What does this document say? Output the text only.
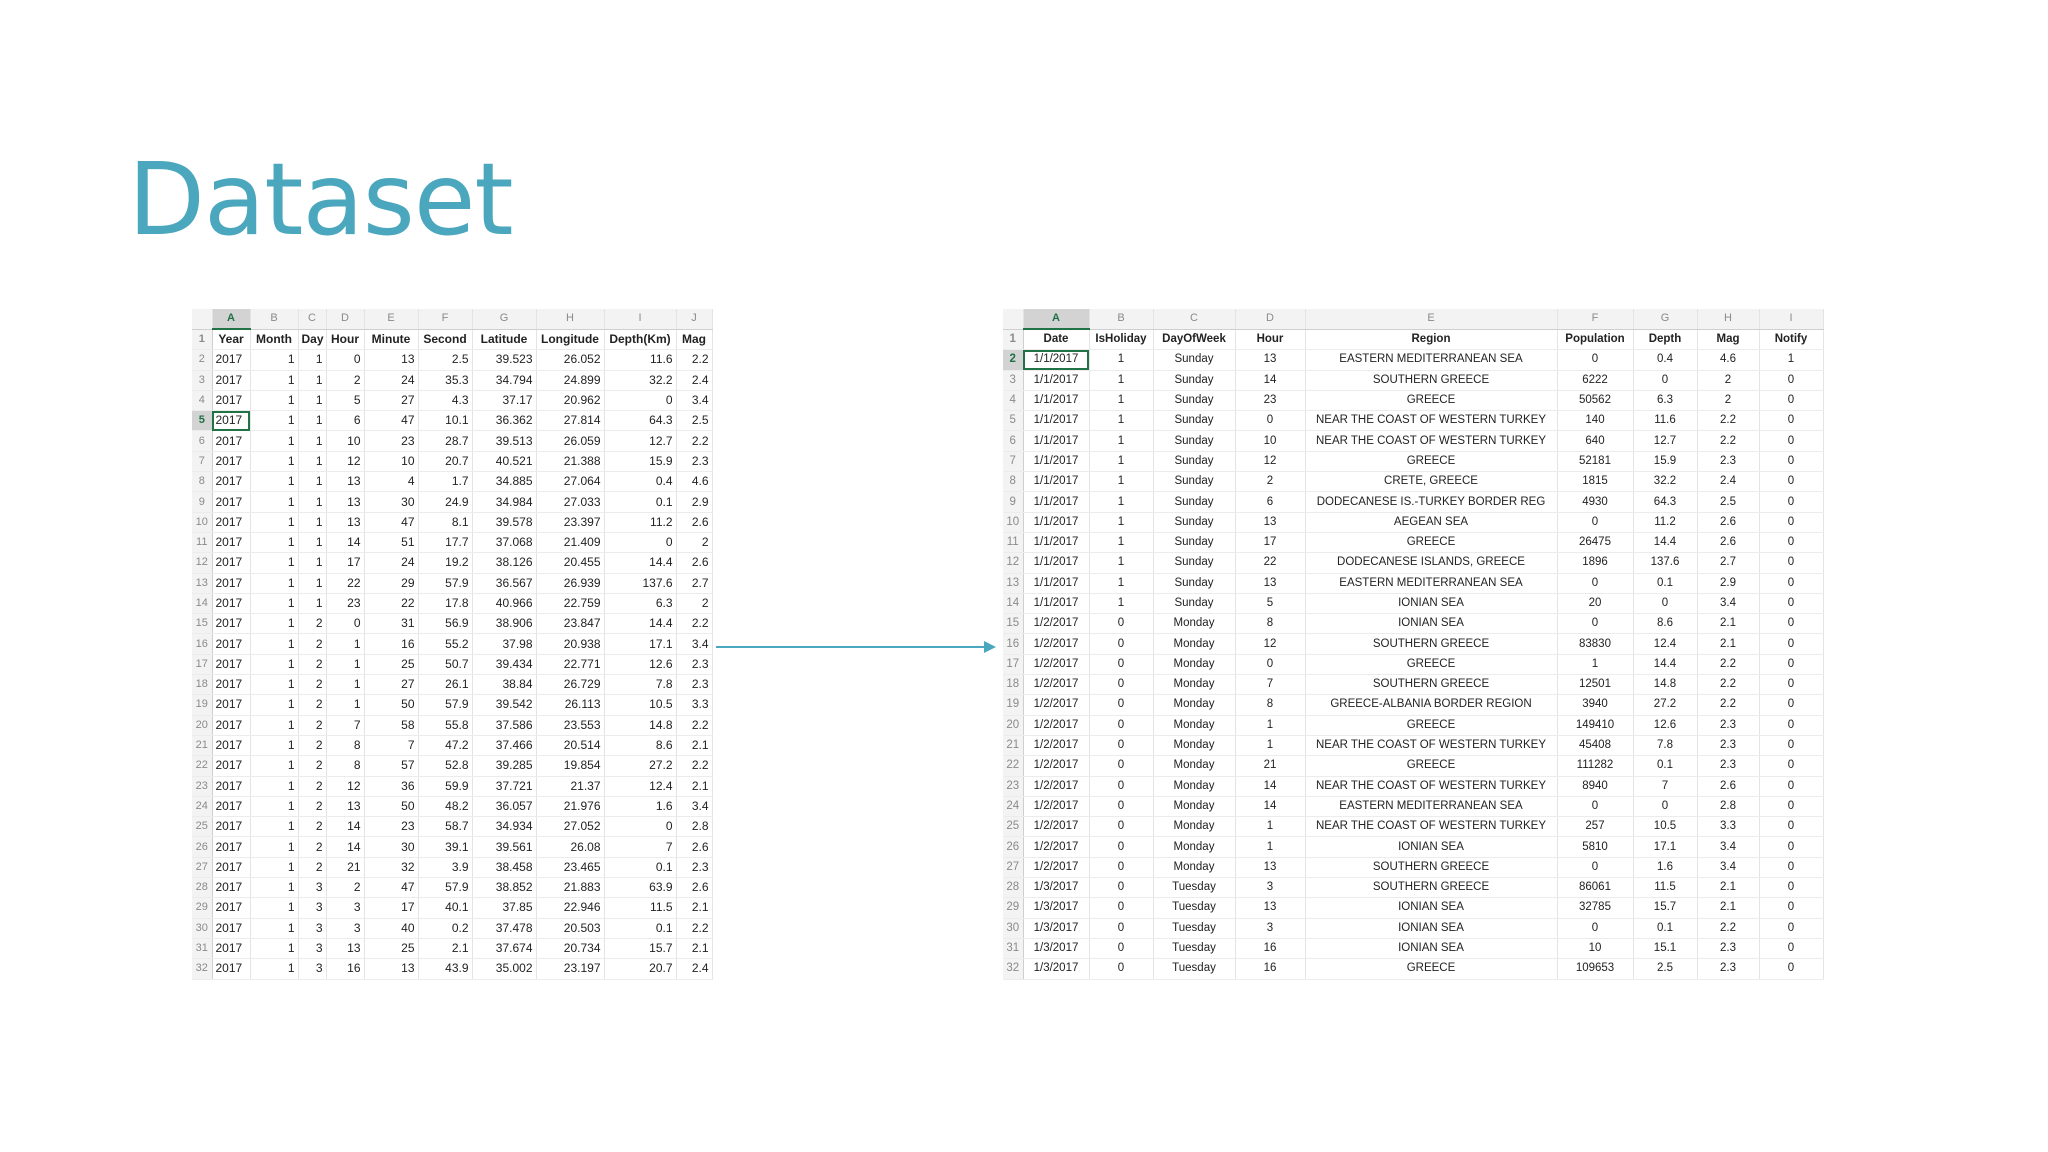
Dataset
	A	B	C	D	E	F	G	H	I	J
1	Year	Month	Day	Hour	Minute	Second	Latitude	Longitude	Depth(Km)	Mag
2	2017	1	1	0	13	2.5	39.523	26.052	11.6	2.2
3	2017	1	1	2	24	35.3	34.794	24.899	32.2	2.4
4	2017	1	1	5	27	4.3	37.17	20.962	0	3.4
5	2017	1	1	6	47	10.1	36.362	27.814	64.3	2.5
6	2017	1	1	10	23	28.7	39.513	26.059	12.7	2.2
7	2017	1	1	12	10	20.7	40.521	21.388	15.9	2.3
8	2017	1	1	13	4	1.7	34.885	27.064	0.4	4.6
9	2017	1	1	13	30	24.9	34.984	27.033	0.1	2.9
10	2017	1	1	13	47	8.1	39.578	23.397	11.2	2.6
11	2017	1	1	14	51	17.7	37.068	21.409	0	2
12	2017	1	1	17	24	19.2	38.126	20.455	14.4	2.6
13	2017	1	1	22	29	57.9	36.567	26.939	137.6	2.7
14	2017	1	1	23	22	17.8	40.966	22.759	6.3	2
15	2017	1	2	0	31	56.9	38.906	23.847	14.4	2.2
16	2017	1	2	1	16	55.2	37.98	20.938	17.1	3.4
17	2017	1	2	1	25	50.7	39.434	22.771	12.6	2.3
18	2017	1	2	1	27	26.1	38.84	26.729	7.8	2.3
19	2017	1	2	1	50	57.9	39.542	26.113	10.5	3.3
20	2017	1	2	7	58	55.8	37.586	23.553	14.8	2.2
21	2017	1	2	8	7	47.2	37.466	20.514	8.6	2.1
22	2017	1	2	8	57	52.8	39.285	19.854	27.2	2.2
23	2017	1	2	12	36	59.9	37.721	21.37	12.4	2.1
24	2017	1	2	13	50	48.2	36.057	21.976	1.6	3.4
25	2017	1	2	14	23	58.7	34.934	27.052	0	2.8
26	2017	1	2	14	30	39.1	39.561	26.08	7	2.6
27	2017	1	2	21	32	3.9	38.458	23.465	0.1	2.3
28	2017	1	3	2	47	57.9	38.852	21.883	63.9	2.6
29	2017	1	3	3	17	40.1	37.85	22.946	11.5	2.1
30	2017	1	3	3	40	0.2	37.478	20.503	0.1	2.2
31	2017	1	3	13	25	2.1	37.674	20.734	15.7	2.1
32	2017	1	3	16	13	43.9	35.002	23.197	20.7	2.4
	A	B	C	D	E	F	G	H	I
1	Date	IsHoliday	DayOfWeek	Hour	Region	Population	Depth	Mag	Notify
2	1/1/2017	1	Sunday	13	EASTERN MEDITERRANEAN SEA	0	0.4	4.6	1
3	1/1/2017	1	Sunday	14	SOUTHERN GREECE	6222	0	2	0
4	1/1/2017	1	Sunday	23	GREECE	50562	6.3	2	0
5	1/1/2017	1	Sunday	0	NEAR THE COAST OF WESTERN TURKEY	140	11.6	2.2	0
6	1/1/2017	1	Sunday	10	NEAR THE COAST OF WESTERN TURKEY	640	12.7	2.2	0
7	1/1/2017	1	Sunday	12	GREECE	52181	15.9	2.3	0
8	1/1/2017	1	Sunday	2	CRETE, GREECE	1815	32.2	2.4	0
9	1/1/2017	1	Sunday	6	DODECANESE IS.-TURKEY BORDER REG	4930	64.3	2.5	0
10	1/1/2017	1	Sunday	13	AEGEAN SEA	0	11.2	2.6	0
11	1/1/2017	1	Sunday	17	GREECE	26475	14.4	2.6	0
12	1/1/2017	1	Sunday	22	DODECANESE ISLANDS, GREECE	1896	137.6	2.7	0
13	1/1/2017	1	Sunday	13	EASTERN MEDITERRANEAN SEA	0	0.1	2.9	0
14	1/1/2017	1	Sunday	5	IONIAN SEA	20	0	3.4	0
15	1/2/2017	0	Monday	8	IONIAN SEA	0	8.6	2.1	0
16	1/2/2017	0	Monday	12	SOUTHERN GREECE	83830	12.4	2.1	0
17	1/2/2017	0	Monday	0	GREECE	1	14.4	2.2	0
18	1/2/2017	0	Monday	7	SOUTHERN GREECE	12501	14.8	2.2	0
19	1/2/2017	0	Monday	8	GREECE-ALBANIA BORDER REGION	3940	27.2	2.2	0
20	1/2/2017	0	Monday	1	GREECE	149410	12.6	2.3	0
21	1/2/2017	0	Monday	1	NEAR THE COAST OF WESTERN TURKEY	45408	7.8	2.3	0
22	1/2/2017	0	Monday	21	GREECE	111282	0.1	2.3	0
23	1/2/2017	0	Monday	14	NEAR THE COAST OF WESTERN TURKEY	8940	7	2.6	0
24	1/2/2017	0	Monday	14	EASTERN MEDITERRANEAN SEA	0	0	2.8	0
25	1/2/2017	0	Monday	1	NEAR THE COAST OF WESTERN TURKEY	257	10.5	3.3	0
26	1/2/2017	0	Monday	1	IONIAN SEA	5810	17.1	3.4	0
27	1/2/2017	0	Monday	13	SOUTHERN GREECE	0	1.6	3.4	0
28	1/3/2017	0	Tuesday	3	SOUTHERN GREECE	86061	11.5	2.1	0
29	1/3/2017	0	Tuesday	13	IONIAN SEA	32785	15.7	2.1	0
30	1/3/2017	0	Tuesday	3	IONIAN SEA	0	0.1	2.2	0
31	1/3/2017	0	Tuesday	16	IONIAN SEA	10	15.1	2.3	0
32	1/3/2017	0	Tuesday	16	GREECE	109653	2.5	2.3	0
